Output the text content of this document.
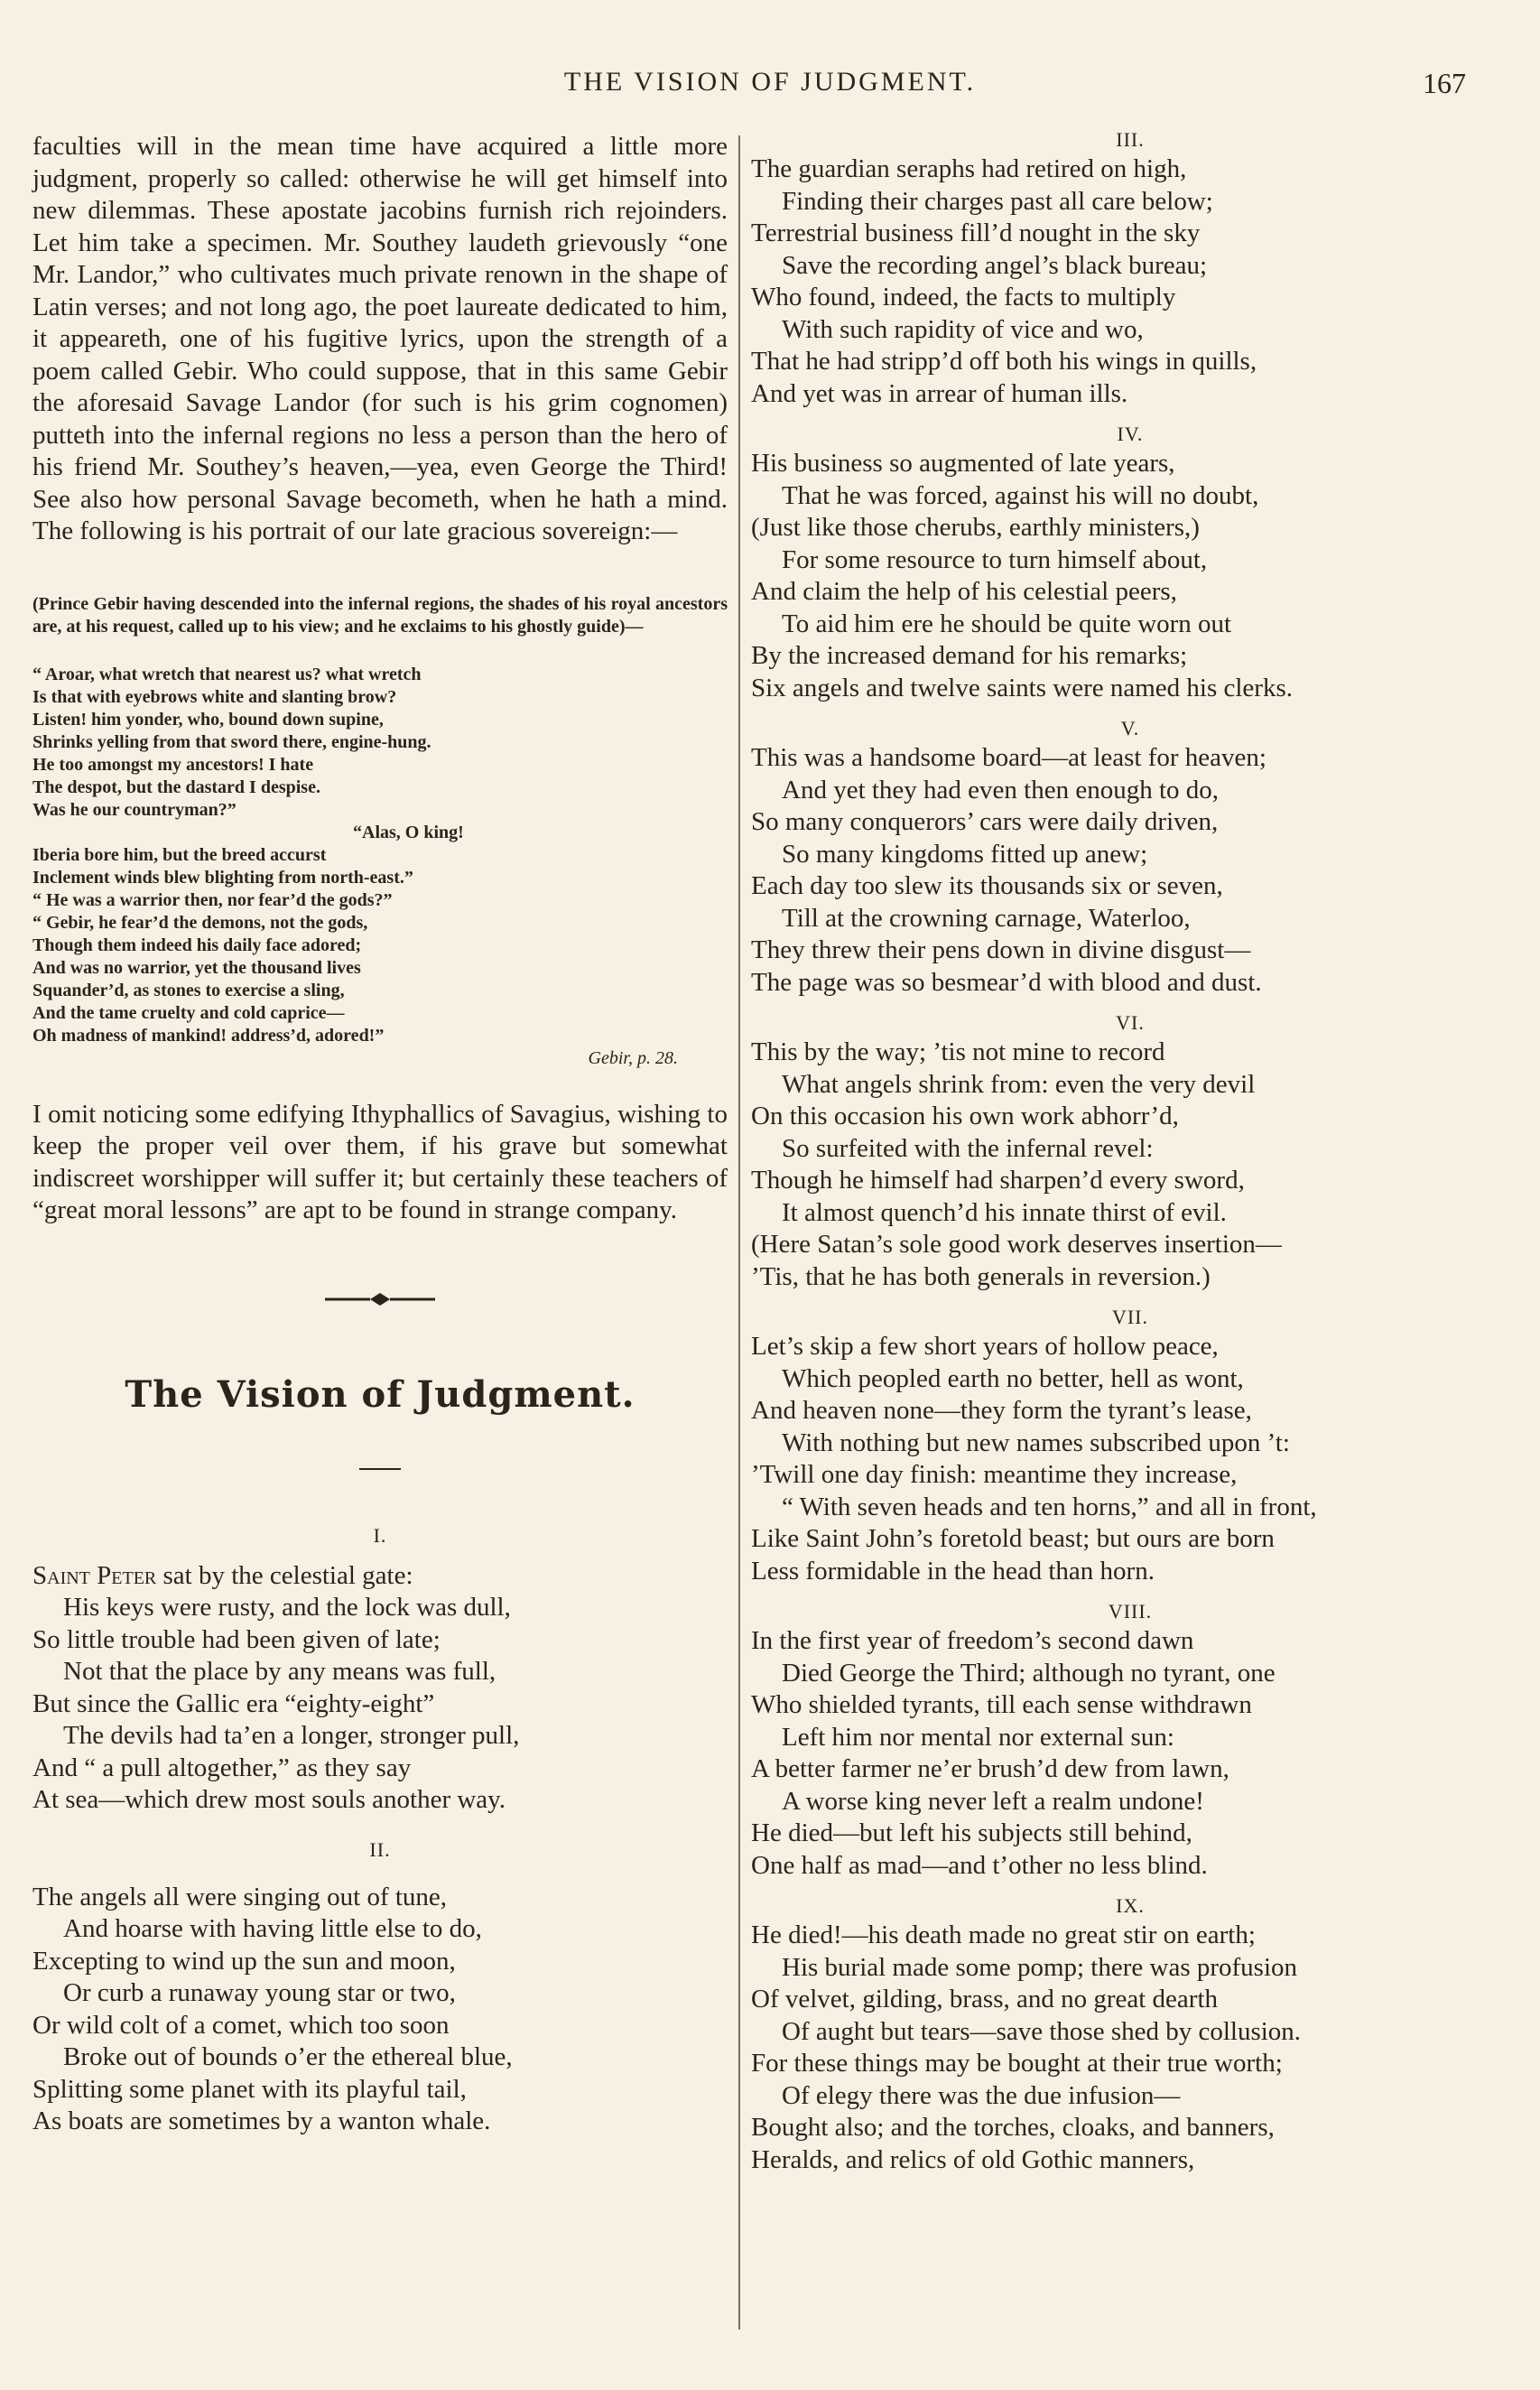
THE VISION OF JUDGMENT.	167

faculties will in the mean time have acquired a little more judgment, properly so called: otherwise he will get himself into new dilemmas. These apostate jacobins furnish rich rejoinders. Let him take a specimen. Mr. Southey laudeth grievously “one Mr. Landor,” who cultivates much private renown in the shape of Latin verses; and not long ago, the poet laureate dedicated to him, it appeareth, one of his fugitive lyrics, upon the strength of a poem called Gebir. Who could suppose, that in this same Gebir the aforesaid Savage Landor (for such is his grim cognomen) putteth into the infernal regions no less a person than the hero of his friend Mr. Southey’s heaven,—yea, even George the Third! See also how personal Savage becometh, when he hath a mind. The following is his portrait of our late gracious sovereign:—

(Prince Gebir having descended into the infernal regions, the shades of his royal ancestors are, at his request, called up to his view; and he exclaims to his ghostly guide)—

“ Aroar, what wretch that nearest us? what wretch
Is that with eyebrows white and slanting brow?
Listen! him yonder, who, bound down supine,
Shrinks yelling from that sword there, engine-hung.
He too amongst my ancestors! I hate
The despot, but the dastard I despise.
Was he our countryman?”
“Alas, O king!
Iberia bore him, but the breed accurst
Inclement winds blew blighting from north-east.”
“ He was a warrior then, nor fear’d the gods?”
“ Gebir, he fear’d the demons, not the gods,
Though them indeed his daily face adored;
And was no warrior, yet the thousand lives
Squander’d, as stones to exercise a sling,
And the tame cruelty and cold caprice—
Oh madness of mankind! address’d, adored!”
Gebir, p. 28.

I omit noticing some edifying Ithyphallics of Savagius, wishing to keep the proper veil over them, if his grave but somewhat indiscreet worshipper will suffer it; but certainly these teachers of “great moral lessons” are apt to be found in strange company.

The Vision of Judgment.
I.
Saint Peter sat by the celestial gate:
His keys were rusty, and the lock was dull,
So little trouble had been given of late;
Not that the place by any means was full,
But since the Gallic era “eighty-eight”
The devils had ta’en a longer, stronger pull,
And “ a pull altogether,” as they say
At sea—which drew most souls another way.
II.
The angels all were singing out of tune,
And hoarse with having little else to do,
Excepting to wind up the sun and moon,
Or curb a runaway young star or two,
Or wild colt of a comet, which too soon
Broke out of bounds o’er the ethereal blue,
Splitting some planet with its playful tail,
As boats are sometimes by a wanton whale.
III.
The guardian seraphs had retired on high,
Finding their charges past all care below;
Terrestrial business fill’d nought in the sky
Save the recording angel’s black bureau;
Who found, indeed, the facts to multiply
With such rapidity of vice and wo,
That he had stripp’d off both his wings in quills,
And yet was in arrear of human ills.
IV.
His business so augmented of late years,
That he was forced, against his will no doubt,
(Just like those cherubs, earthly ministers,)
For some resource to turn himself about,
And claim the help of his celestial peers,
To aid him ere he should be quite worn out
By the increased demand for his remarks;
Six angels and twelve saints were named his clerks.
V.
This was a handsome board—at least for heaven;
And yet they had even then enough to do,
So many conquerors’ cars were daily driven,
So many kingdoms fitted up anew;
Each day too slew its thousands six or seven,
Till at the crowning carnage, Waterloo,
They threw their pens down in divine disgust—
The page was so besmear’d with blood and dust.
VI.
This by the way; ’tis not mine to record
What angels shrink from: even the very devil
On this occasion his own work abhorr’d,
So surfeited with the infernal revel:
Though he himself had sharpen’d every sword,
It almost quench’d his innate thirst of evil.
(Here Satan’s sole good work deserves insertion—
’Tis, that he has both generals in reversion.)
VII.
Let’s skip a few short years of hollow peace,
Which peopled earth no better, hell as wont,
And heaven none—they form the tyrant’s lease,
With nothing but new names subscribed upon ’t:
’Twill one day finish: meantime they increase,
“ With seven heads and ten horns,” and all in front,
Like Saint John’s foretold beast; but ours are born
Less formidable in the head than horn.
VIII.
In the first year of freedom’s second dawn
Died George the Third; although no tyrant, one
Who shielded tyrants, till each sense withdrawn
Left him nor mental nor external sun:
A better farmer ne’er brush’d dew from lawn,
A worse king never left a realm undone!
He died—but left his subjects still behind,
One half as mad—and t’other no less blind.
IX.
He died!—his death made no great stir on earth;
His burial made some pomp; there was profusion
Of velvet, gilding, brass, and no great dearth
Of aught but tears—save those shed by collusion.
For these things may be bought at their true worth;
Of elegy there was the due infusion—
Bought also; and the torches, cloaks, and banners,
Heralds, and relics of old Gothic manners,
